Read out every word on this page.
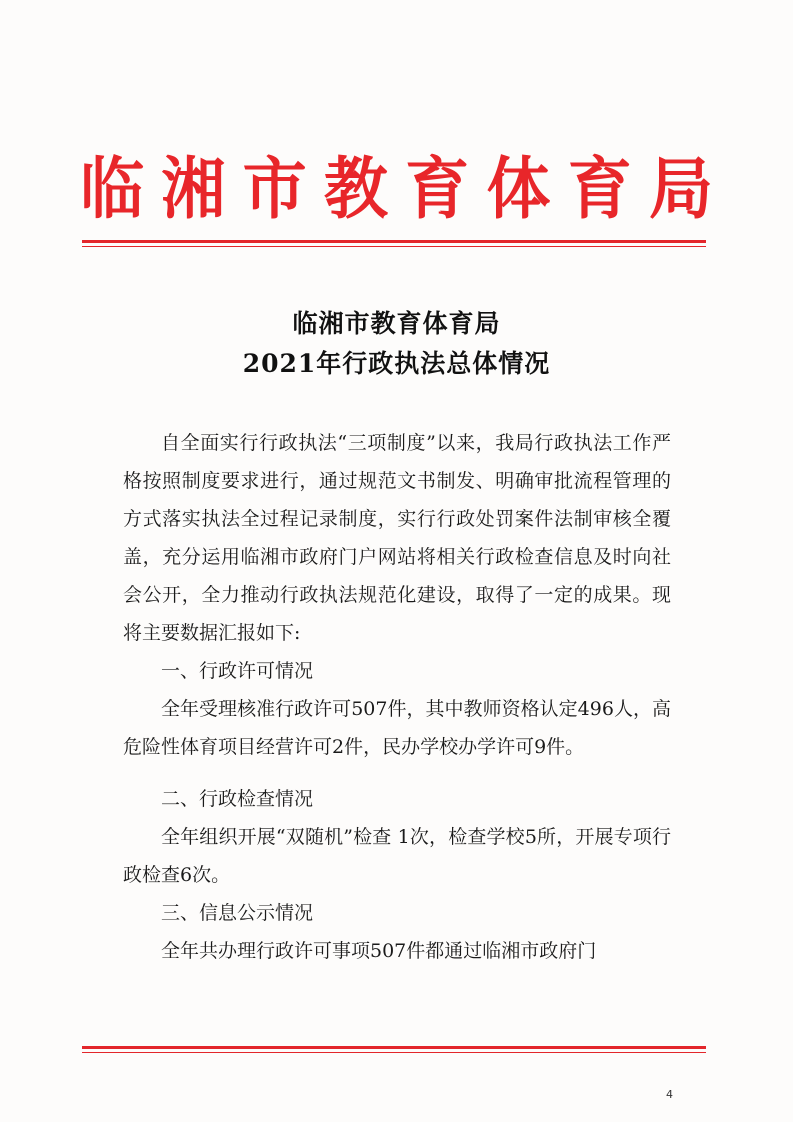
临 湘 市 教 育 体 育 局
临湘市教育体育局
2021年行政执法总体情况

自全面实行行政执法“三项制度”以来，我局行政执法工作严格按照制度要求进行，通过规范文书制发、明确审批流程管理的方式落实执法全过程记录制度，实行行政处罚案件法制审核全覆盖，充分运用临湘市政府门户网站将相关行政检查信息及时向社会公开，全力推动行政执法规范化建设，取得了一定的成果。现将主要数据汇报如下:

一、行政许可情况

全年受理核准行政许可507件，其中教师资格认定496人，高危险性体育项目经营许可2件，民办学校办学许可9件。

二、行政检查情况

全年组织开展“双随机”检查 1次，检查学校5所，开展专项行政检查6次。

三、信息公示情况

全年共办理行政许可事项507件都通过临湘市政府门

4
